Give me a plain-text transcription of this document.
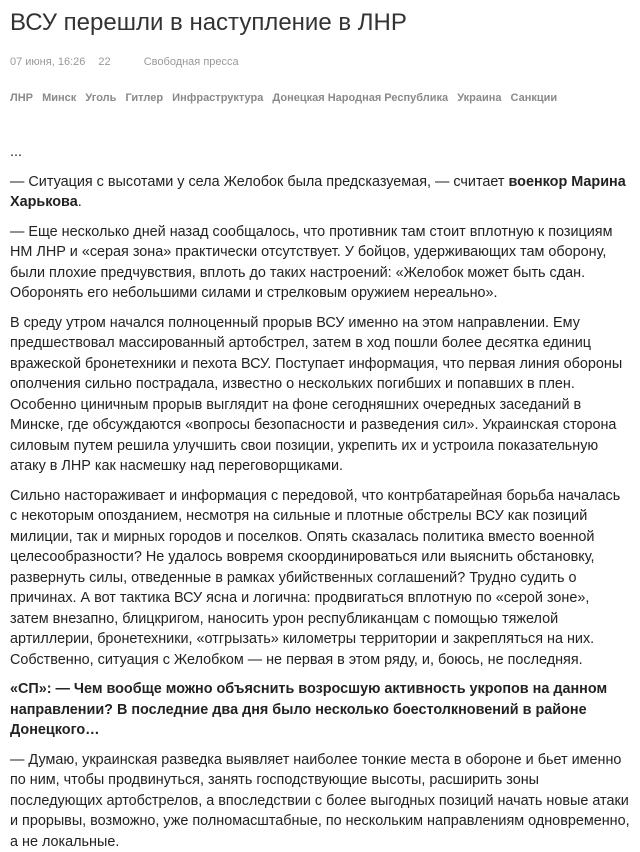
ВСУ перешли в наступление в ЛНР
07 июня, 16:26 22	Свободная пресса
ЛНР Минск Уголь Гитлер Инфраструктура Донецкая Народная Республика Украина Санкции

...

— Ситуация с высотами у села Желобок была предсказуемая, — считает военкор Марина Харькова.

— Еще несколько дней назад сообщалось, что противник там стоит вплотную к позициям НМ ЛНР и «серая зона» практически отсутствует. У бойцов, удерживающих там оборону, были плохие предчувствия, вплоть до таких настроений: «Желобок может быть сдан. Оборонять его небольшими силами и стрелковым оружием нереально».

В среду утром начался полноценный прорыв ВСУ именно на этом направлении. Ему предшествовал массированный артобстрел, затем в ход пошли более десятка единиц вражеской бронетехники и пехота ВСУ. Поступает информация, что первая линия обороны ополчения сильно пострадала, известно о нескольких погибших и попавших в плен. Особенно циничным прорыв выглядит на фоне сегодняшних очередных заседаний в Минске, где обсуждаются «вопросы безопасности и разведения сил». Украинская сторона силовым путем решила улучшить свои позиции, укрепить их и устроила показательную атаку в ЛНР как насмешку над переговорщиками.

Сильно настораживает и информация с передовой, что контрбатарейная борьба началась с некоторым опозданием, несмотря на сильные и плотные обстрелы ВСУ как позиций милиции, так и мирных городов и поселков. Опять сказалась политика вместо военной целесообразности? Не удалось вовремя скоординироваться или выяснить обстановку, развернуть силы, отведенные в рамках убийственных соглашений? Трудно судить о причинах. А вот тактика ВСУ ясна и логична: продвигаться вплотную по «серой зоне», затем внезапно, блицкригом, наносить урон республиканцам с помощью тяжелой артиллерии, бронетехники, «отгрызать» километры территории и закрепляться на них. Собственно, ситуация с Желобком — не первая в этом ряду, и, боюсь, не последняя.

«СП»: — Чем вообще можно объяснить возросшую активность укропов на данном направлении? В последние два дня было несколько боестолкновений в районе Донецкого…

— Думаю, украинская разведка выявляет наиболее тонкие места в обороне и бьет именно по ним, чтобы продвинуться, занять господствующие высоты, расширить зоны последующих артобстрелов, а впоследствии с более выгодных позиций начать новые атаки и прорывы, возможно, уже полномасштабные, по нескольким направлениям одновременно, а не локальные.
